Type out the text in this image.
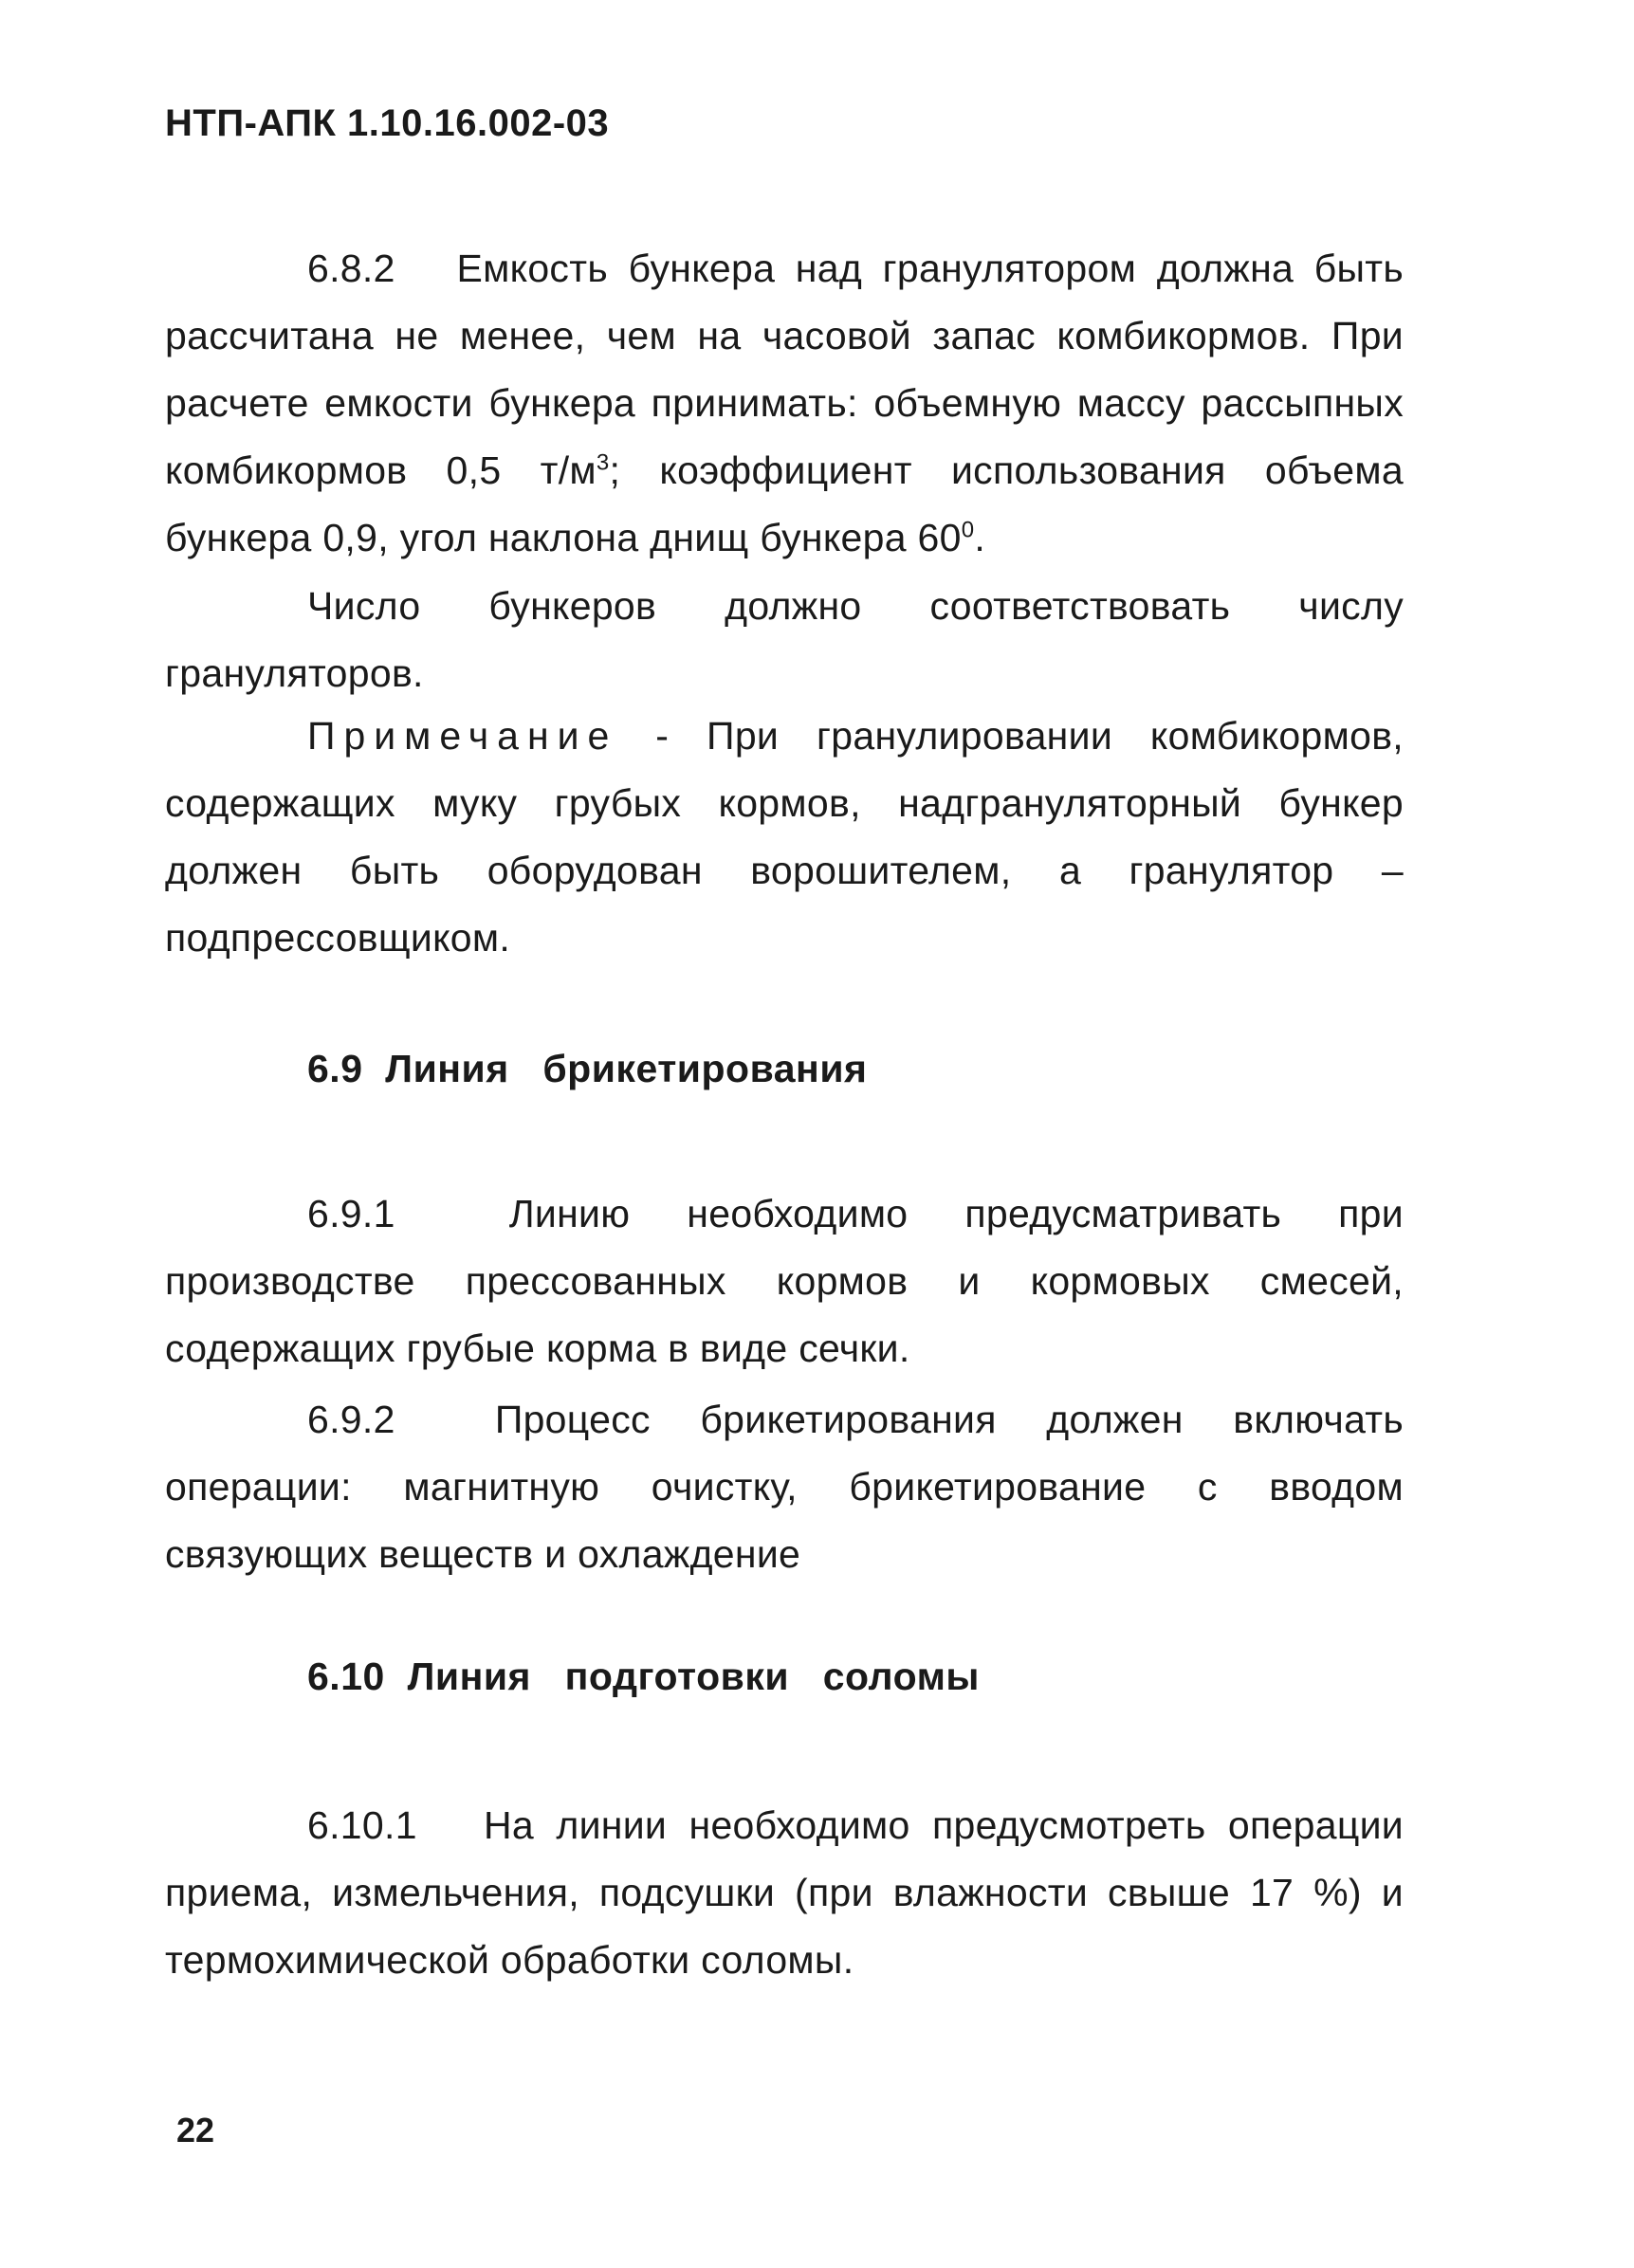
НТП-АПК 1.10.16.002-03
6.8.2 Емкость бункера над гранулятором должна быть рассчитана не менее, чем на часовой запас комбикормов. При расчете емкости бункера принимать: объемную массу рассыпных комбикормов 0,5 $т/м^3$; коэффициент использования объема бункера 0,9, угол наклона днищ бункера $60^0$.
Число бункеров должно соответствовать числу грануляторов.
Примечание - При гранулировании комбикормов, содержащих муку грубых кормов, надгрануляторный бункер должен быть оборудован ворошителем, а гранулятор – подпрессовщиком.
6.9 Линия брикетирования
6.9.1	Линию необходимо предусматривать при производстве прессованных кормов и кормовых смесей, содержащих грубые корма в виде сечки.
6.9.2	Процесс брикетирования должен включать операции: магнитную очистку, брикетирование с вводом связующих веществ и охлаждение
6.10 Линия подготовки соломы
6.10.1 На линии необходимо предусмотреть операции приема, измельчения, подсушки (при влажности свыше 17 %) и термохимической обработки соломы.
22
